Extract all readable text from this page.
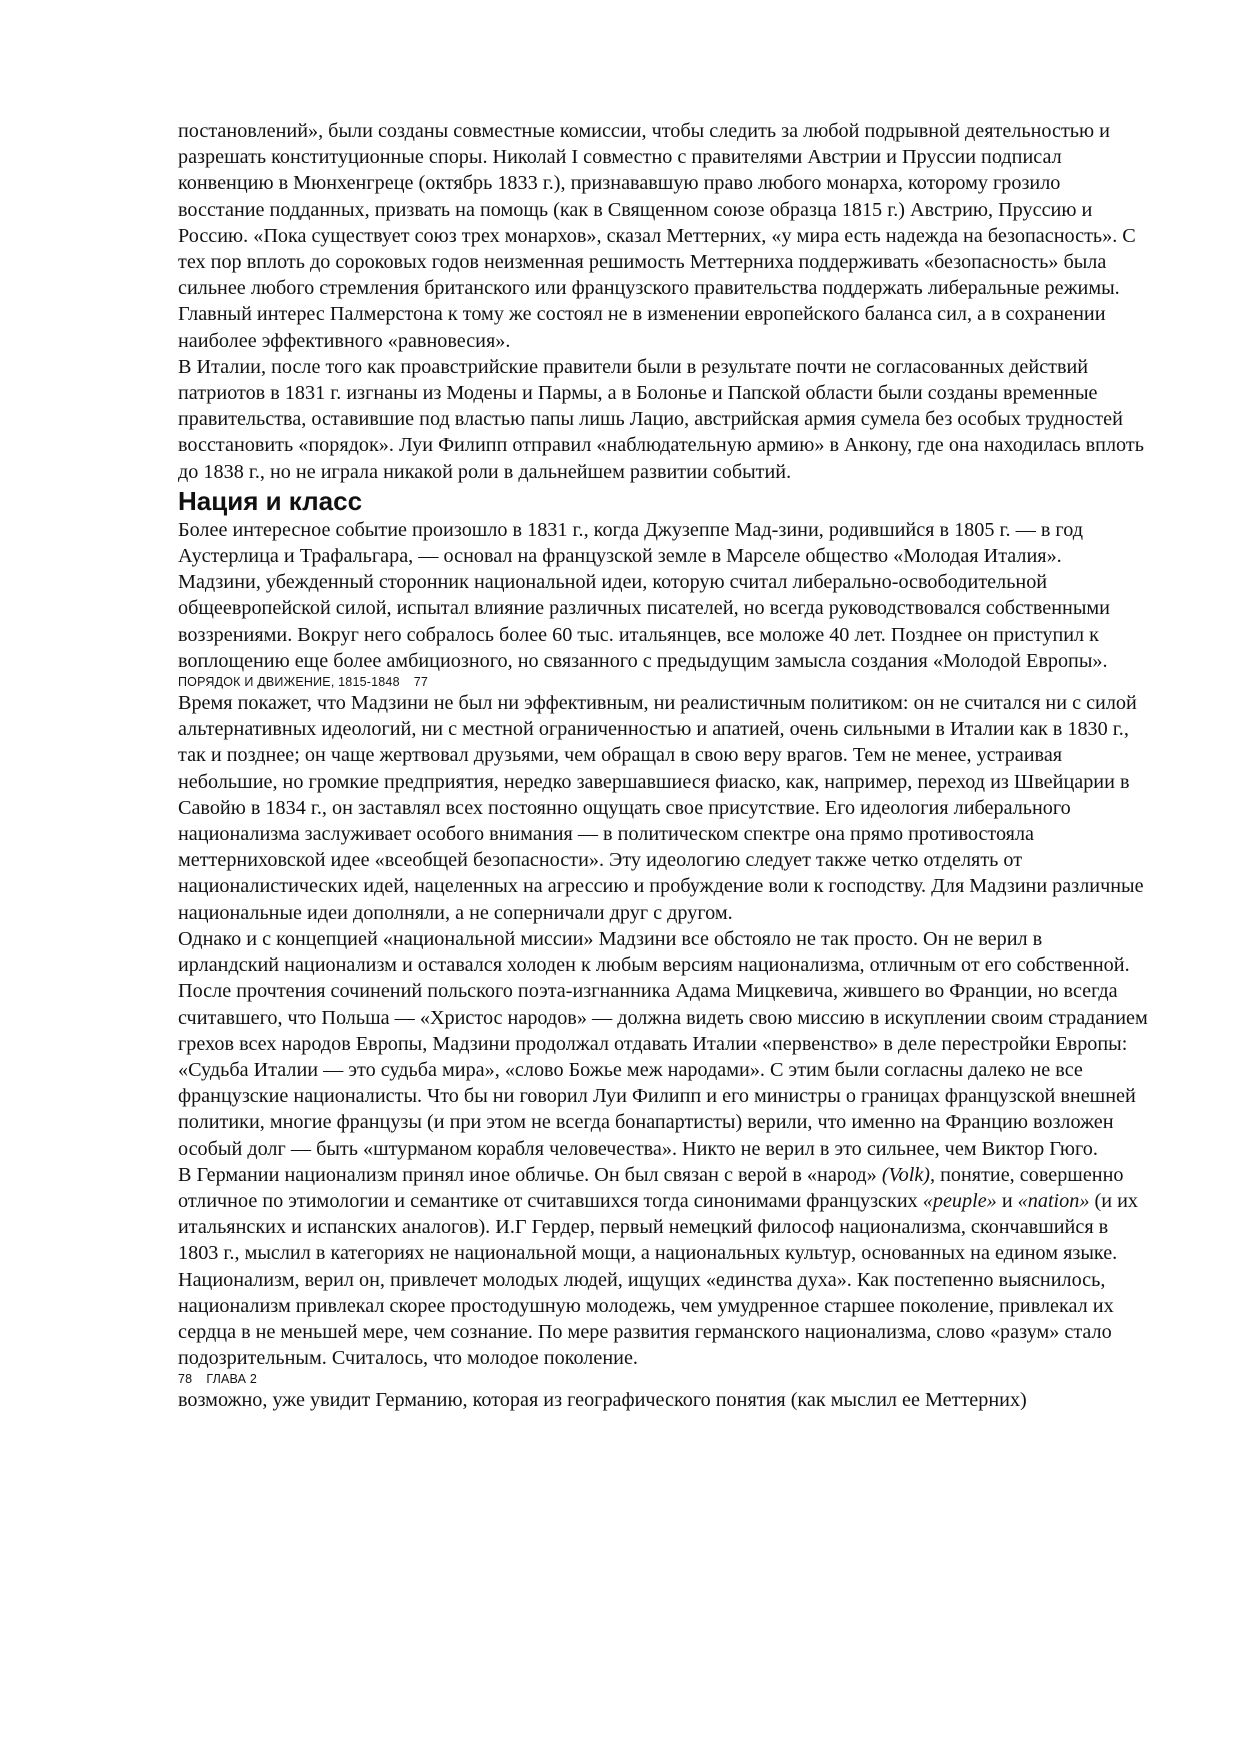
постановлений», были созданы совместные комиссии, чтобы следить за любой подрывной деятельностью и разрешать конституционные споры. Николай I совместно с правителями Австрии и Пруссии подписал конвенцию в Мюнхенгреце (октябрь 1833 г.), признававшую право любого монарха, которому грозило восстание подданных, призвать на помощь (как в Священном союзе образца 1815 г.) Австрию, Пруссию и Россию. «Пока существует союз трех монархов», сказал Меттерних, «у мира есть надежда на безопасность». С тех пор вплоть до сороковых годов неизменная решимость Меттерниха поддерживать «безопасность» была сильнее любого стремления британского или французского правительства поддержать либеральные режимы. Главный интерес Палмерстона к тому же состоял не в изменении европейского баланса сил, а в сохранении наиболее эффективного «равновесия».

В Италии, после того как проавстрийские правители были в результате почти не согласованных действий патриотов в 1831 г. изгнаны из Модены и Пармы, а в Болонье и Папской области были созданы временные правительства, оставившие под властью папы лишь Лацио, австрийская армия сумела без особых трудностей восстановить «порядок». Луи Филипп отправил «наблюдательную армию» в Анкону, где она находилась вплоть до 1838 г., но не играла никакой роли в дальнейшем развитии событий.

Нация и класс

Более интересное событие произошло в 1831 г., когда Джузеппе Мад-зини, родившийся в 1805 г. — в год Аустерлица и Трафальгара, — основал на французской земле в Марселе общество «Молодая Италия». Мадзини, убежденный сторонник национальной идеи, которую считал либерально-освободительной общеевропейской силой, испытал влияние различных писателей, но всегда руководствовался собственными воззрениями. Вокруг него собралось более 60 тыс. итальянцев, все моложе 40 лет. Позднее он приступил к воплощению еще более амбициозного, но связанного с предыдущим замысла создания «Молодой Европы».

ПОРЯДОК И ДВИЖЕНИЕ, 1815-1848 77

Время покажет, что Мадзини не был ни эффективным, ни реалистичным политиком: он не считался ни с силой альтернативных идеологий, ни с местной ограниченностью и апатией, очень сильными в Италии как в 1830 г., так и позднее; он чаще жертвовал друзьями, чем обращал в свою веру врагов. Тем не менее, устраивая небольшие, но громкие предприятия, нередко завершавшиеся фиаско, как, например, переход из Швейцарии в Савойю в 1834 г., он заставлял всех постоянно ощущать свое присутствие. Его идеология либерального национализма заслуживает особого внимания — в политическом спектре она прямо противостояла меттерниховской идее «всеобщей безопасности». Эту идеологию следует также четко отделять от националистических идей, нацеленных на агрессию и пробуждение воли к господству. Для Мадзини различные национальные идеи дополняли, а не соперничали друг с другом.

Однако и с концепцией «национальной миссии» Мадзини все обстояло не так просто. Он не верил в ирландский национализм и оставался холоден к любым версиям национализма, отличным от его собственной. После прочтения сочинений польского поэта-изгнанника Адама Мицкевича, жившего во Франции, но всегда считавшего, что Польша — «Христос народов» — должна видеть свою миссию в искуплении своим страданием грехов всех народов Европы, Мадзини продолжал отдавать Италии «первенство» в деле перестройки Европы: «Судьба Италии — это судьба мира», «слово Божье меж народами». С этим были согласны далеко не все французские националисты. Что бы ни говорил Луи Филипп и его министры о границах французской внешней политики, многие французы (и при этом не всегда бонапартисты) верили, что именно на Францию возложен особый долг — быть «штурманом корабля человечества». Никто не верил в это сильнее, чем Виктор Гюго.

В Германии национализм принял иное обличье. Он был связан с верой в «народ» (Volk), понятие, совершенно отличное по этимологии и семантике от считавшихся тогда синонимами французских «peuple» и «nation» (и их итальянских и испанских аналогов). И.Г Гердер, первый немецкий философ национализма, скончавшийся в 1803 г., мыслил в категориях не национальной мощи, а национальных культур, основанных на едином языке. Национализм, верил он, привлечет молодых людей, ищущих «единства духа». Как постепенно выяснилось, национализм привлекал скорее простодушную молодежь, чем умудренное старшее поколение, привлекал их сердца в не меньшей мере, чем сознание. По мере развития германского национализма, слово «разум» стало подозрительным. Считалось, что молодое поколение.

78 ГЛАВА 2

возможно, уже увидит Германию, которая из географического понятия (как мыслил ее Меттерних)
